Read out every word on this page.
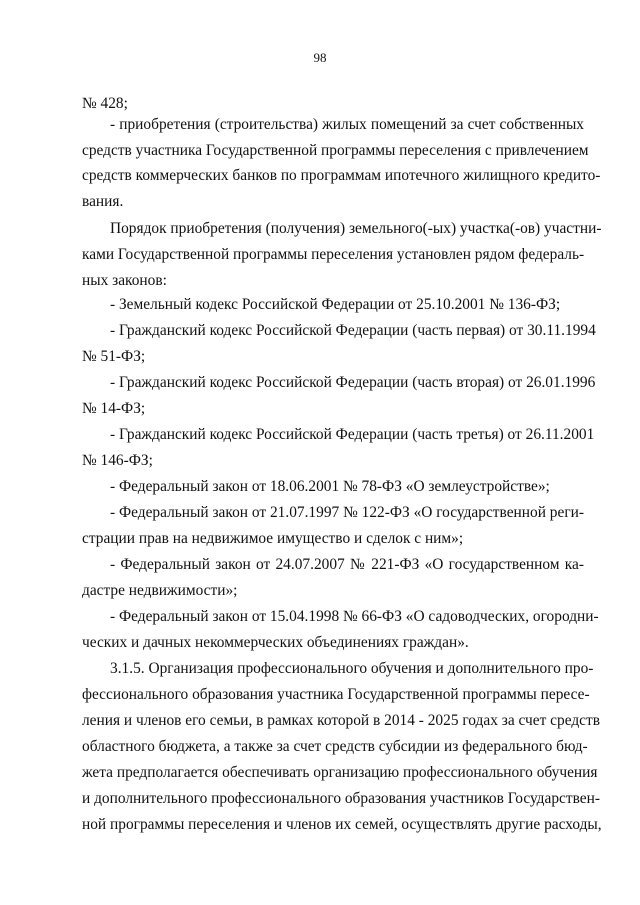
98
№ 428;
- приобретения (строительства) жилых помещений за счет собственных
средств участника Государственной программы переселения с привлечением
средств коммерческих банков по программам ипотечного жилищного кредито-
вания.
Порядок приобретения (получения) земельного(-ых) участка(-ов) участни-
ками Государственной программы переселения установлен рядом федераль-
ных законов:
- Земельный кодекс Российской Федерации от 25.10.2001 № 136-ФЗ;
- Гражданский кодекс Российской Федерации (часть первая) от 30.11.1994
№ 51-ФЗ;
- Гражданский кодекс Российской Федерации (часть вторая) от 26.01.1996
№ 14-ФЗ;
- Гражданский кодекс Российской Федерации (часть третья) от 26.11.2001
№ 146-ФЗ;
- Федеральный закон от 18.06.2001 № 78-ФЗ «О землеустройстве»;
- Федеральный закон от 21.07.1997 № 122-ФЗ «О государственной реги-
страции прав на недвижимое имущество и сделок с ним»;
- Федеральный закон от 24.07.2007 № 221-ФЗ «О государственном ка-
дастре недвижимости»;
- Федеральный закон от 15.04.1998 № 66-ФЗ «О садоводческих, огородни-
ческих и дачных некоммерческих объединениях граждан».
3.1.5. Организация профессионального обучения и дополнительного про-
фессионального образования участника Государственной программы пересе-
ления и членов его семьи, в рамках которой в 2014 - 2025 годах за счет средств
областного бюджета, а также за счет средств субсидии из федерального бюд-
жета предполагается обеспечивать организацию профессионального обучения
и дополнительного профессионального образования участников Государствен-
ной программы переселения и членов их семей, осуществлять другие расходы,
